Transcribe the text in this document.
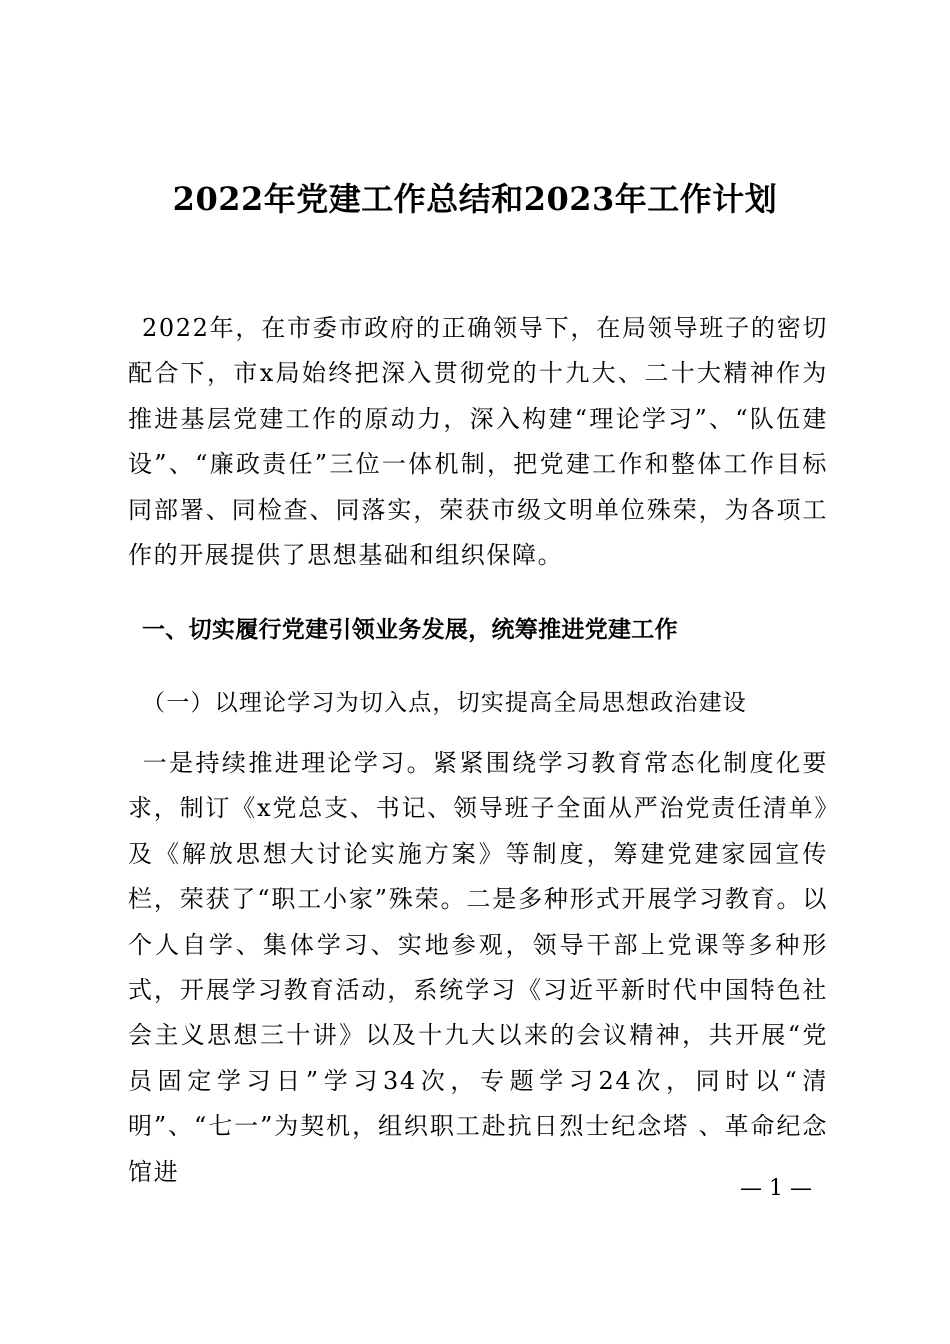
2022年党建工作总结和2023年工作计划
2022年，在市委市政府的正确领导下，在局领导班子的密切配合下，市x局始终把深入贯彻党的十九大、二十大精神作为推进基层党建工作的原动力，深入构建“理论学习”、“队伍建设”、“廉政责任”三位一体机制，把党建工作和整体工作目标同部署、同检查、同落实，荣获市级文明单位殊荣，为各项工作的开展提供了思想基础和组织保障。
一、切实履行党建引领业务发展，统筹推进党建工作
（一）以理论学习为切入点，切实提高全局思想政治建设
一是持续推进理论学习。紧紧围绕学习教育常态化制度化要求，制订《x党总支、书记、领导班子全面从严治党责任清单》及《解放思想大讨论实施方案》等制度，筹建党建家园宣传栏，荣获了“职工小家”殊荣。二是多种形式开展学习教育。以个人自学、集体学习、实地参观，领导干部上党课等多种形式，开展学习教育活动，系统学习《习近平新时代中国特色社会主义思想三十讲》以及十九大以来的会议精神，共开展“党员固定学习日”学习34次，专题学习24次，同时以“清明”、“七一”为契机，组织职工赴抗日烈士纪念塔 、革命纪念馆进
— 1 —
